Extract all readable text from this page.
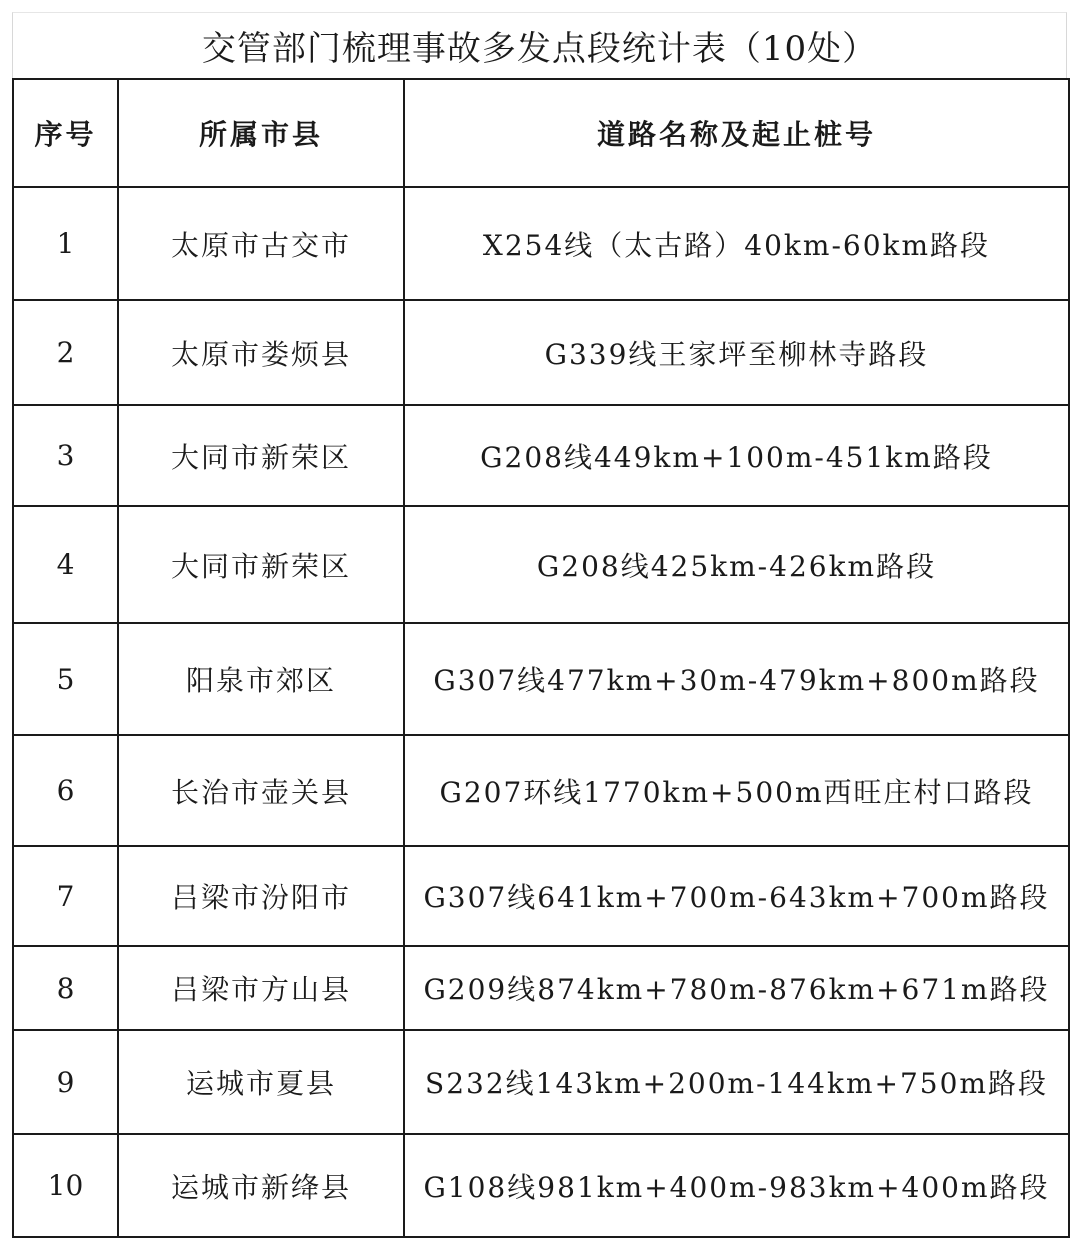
交管部门梳理事故多发点段统计表（10处）
序号	所属市县	道路名称及起止桩号
1	太原市古交市	X254线（太古路）40km-60km路段
2	太原市娄烦县	G339线王家坪至柳林寺路段
3	大同市新荣区	G208线449km+100m-451km路段
4	大同市新荣区	G208线425km-426km路段
5	阳泉市郊区	G307线477km+30m-479km+800m路段
6	长治市壶关县	G207环线1770km+500m西旺庄村口路段
7	吕梁市汾阳市	G307线641km+700m-643km+700m路段
8	吕梁市方山县	G209线874km+780m-876km+671m路段
9	运城市夏县	S232线143km+200m-144km+750m路段
10	运城市新绛县	G108线981km+400m-983km+400m路段
